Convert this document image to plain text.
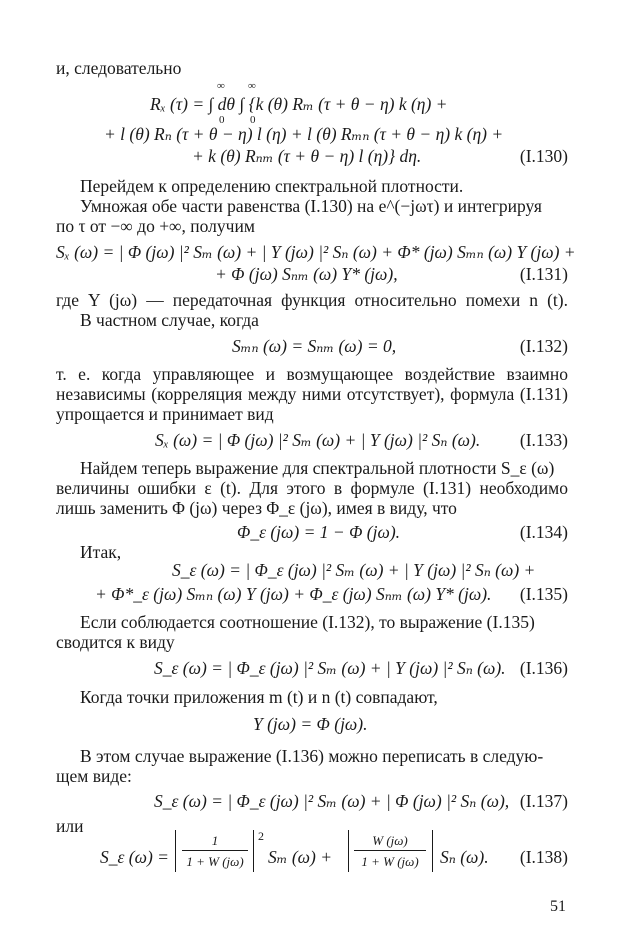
и, следовательно
∞ ∞
Rₓ (τ) = ∫ dθ ∫ {k (θ) Rₘ (τ + θ − η) k (η) +
0 0
+ l (θ) Rₙ (τ + θ − η) l (η) + l (θ) Rₘₙ (τ + θ − η) k (η) +
+ k (θ) Rₙₘ (τ + θ − η) l (η)} dη.	(I.130)
Перейдем к определению спектральной плотности.
Умножая обе части равенства (I.130) на e^(−jωτ) и интегрируя
по τ от −∞ до +∞, получим
Sₓ (ω) = | Φ (jω) |² Sₘ (ω) + | Y (jω) |² Sₙ (ω) + Φ* (jω) Sₘₙ (ω) Y (jω) +
+ Φ (jω) Sₙₘ (ω) Y* (jω),	(I.131)
где Y (jω) — передаточная функция относительно помехи n (t).
В частном случае, когда
Sₘₙ (ω) = Sₙₘ (ω) = 0,	(I.132)
т. е. когда управляющее и возмущающее воздействие взаимно
независимы (корреляция между ними отсутствует), формула (I.131)
упрощается и принимает вид
Sₓ (ω) = | Φ (jω) |² Sₘ (ω) + | Y (jω) |² Sₙ (ω). (I.133)
Найдем теперь выражение для спектральной плотности S_ε (ω)
величины ошибки ε (t). Для этого в формуле (I.131) необходимо
лишь заменить Φ (jω) через Φ_ε (jω), имея в виду, что
Φ_ε (jω) = 1 − Φ (jω).	(I.134)
Итак,
S_ε (ω) = | Φ_ε (jω) |² Sₘ (ω) + | Y (jω) |² Sₙ (ω) +
+ Φ*_ε (jω) Sₘₙ (ω) Y (jω) + Φ_ε (jω) Sₙₘ (ω) Y* (jω). (I.135)
Если соблюдается соотношение (I.132), то выражение (I.135)
сводится к виду
S_ε (ω) = | Φ_ε (jω) |² Sₘ (ω) + | Y (jω) |² Sₙ (ω). (I.136)
Когда точки приложения m (t) и n (t) совпадают,
Y (jω) = Φ (jω).
В этом случае выражение (I.136) можно переписать в следую-
щем виде:
S_ε (ω) = | Φ_ε (jω) |² Sₘ (ω) + | Φ (jω) |² Sₙ (ω), (I.137)
или
S_ε (ω) =
1
1 + W (jω)
2
Sₘ (ω) +
W (jω)
1 + W (jω)	Sₙ (ω). (I.138)
51
